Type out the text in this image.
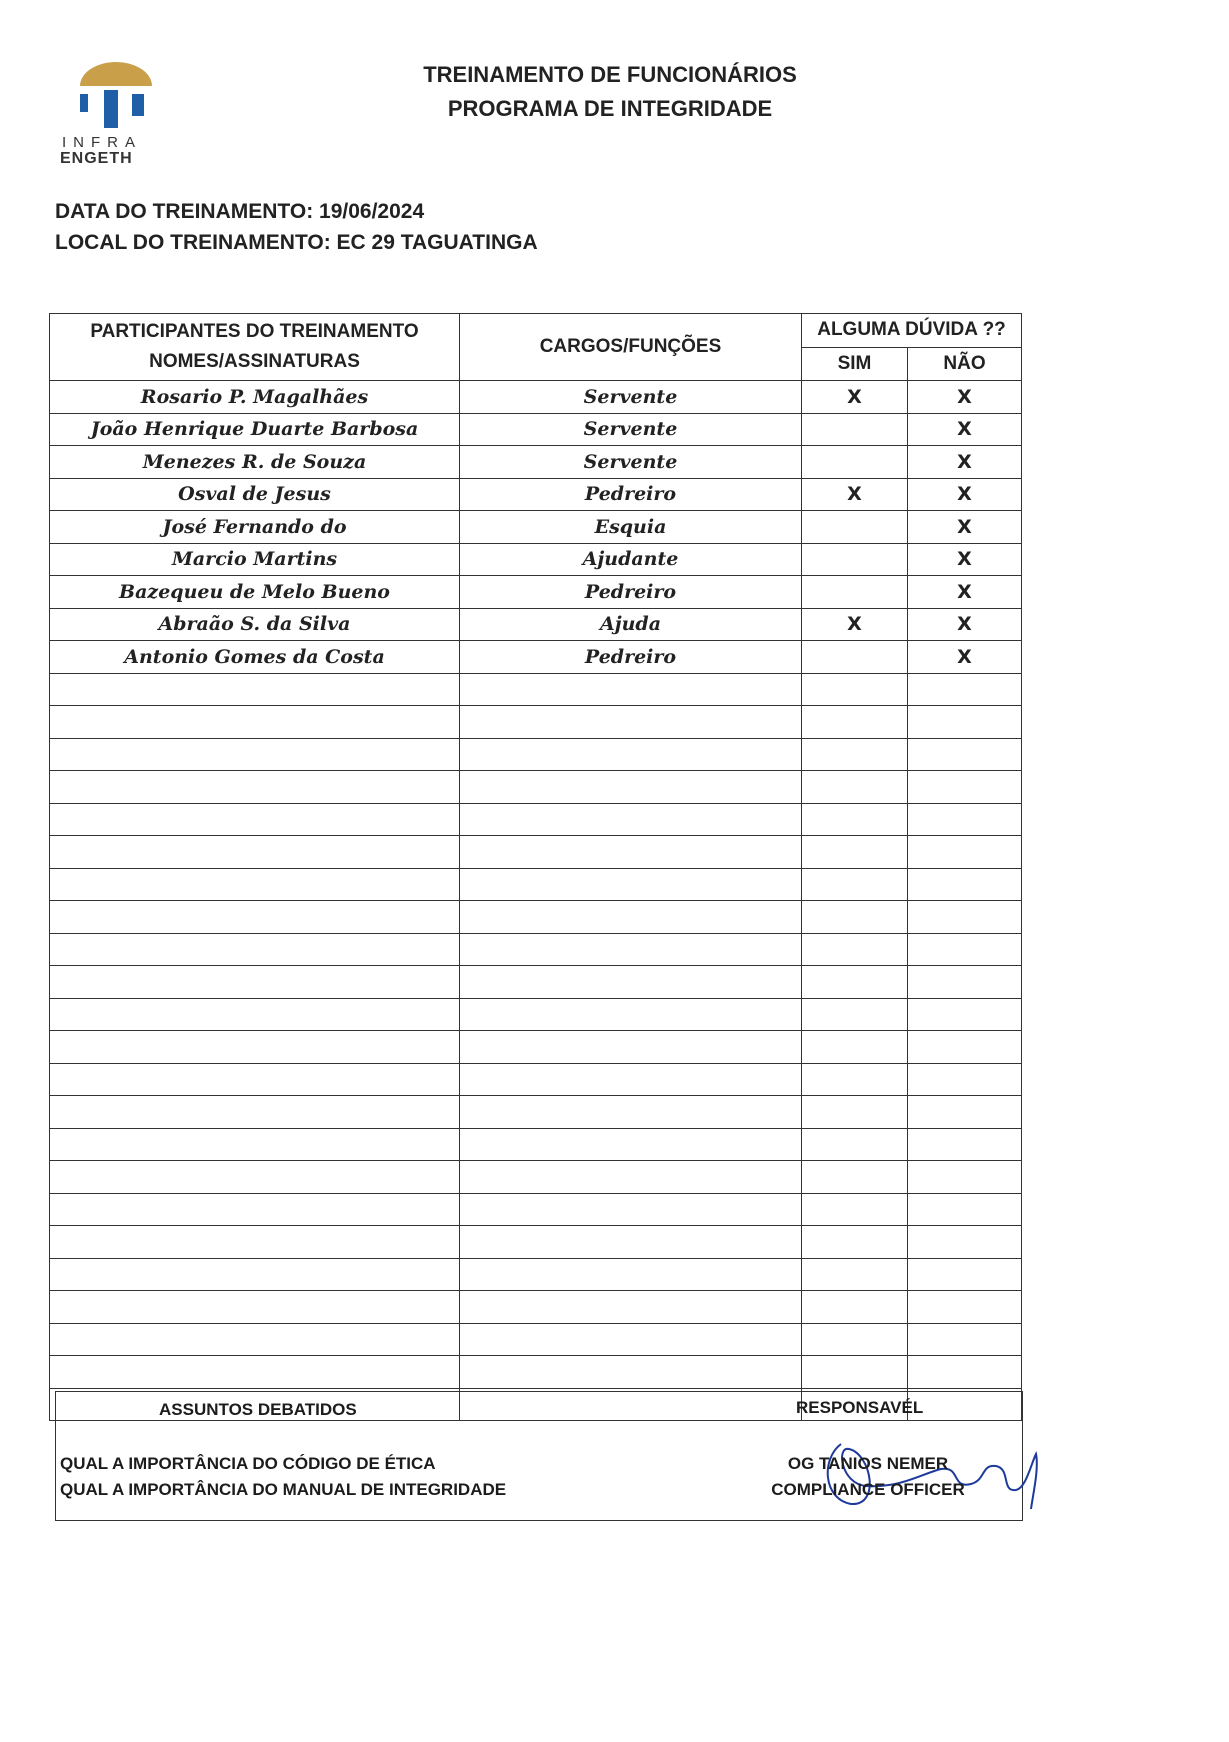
INFRA
ENGETH
TREINAMENTO DE FUNCIONÁRIOS
PROGRAMA DE INTEGRIDADE
DATA DO TREINAMENTO: 19/06/2024
LOCAL DO TREINAMENTO: EC 29 TAGUATINGA
PARTICIPANTES DO TREINAMENTO NOMES/ASSINATURAS	CARGOS/FUNÇÕES	ALGUMA DÚVIDA ??	
		SIM	NÃO
Rosario P. Magalhães	Servente	X	X
João Henrique Duarte Barbosa	Servente		X
Menezes R. de Souza	Servente		X
Osval de Jesus	Pedreiro	X	X
José Fernando do	Esquia		X
Marcio Martins	Ajudante		X
Bazequeu de Melo Bueno	Pedreiro		X
Abraão S. da Silva	Ajuda	X	X
Antonio Gomes da Costa	Pedreiro		X

ASSUNTOS DEBATIDOS
QUAL A IMPORTÂNCIA DO CÓDIGO DE ÉTICA
QUAL A IMPORTÂNCIA DO MANUAL DE INTEGRIDADE
RESPONSAVÉL
OG TANIOS NEMER
COMPLIANCE OFFICER
